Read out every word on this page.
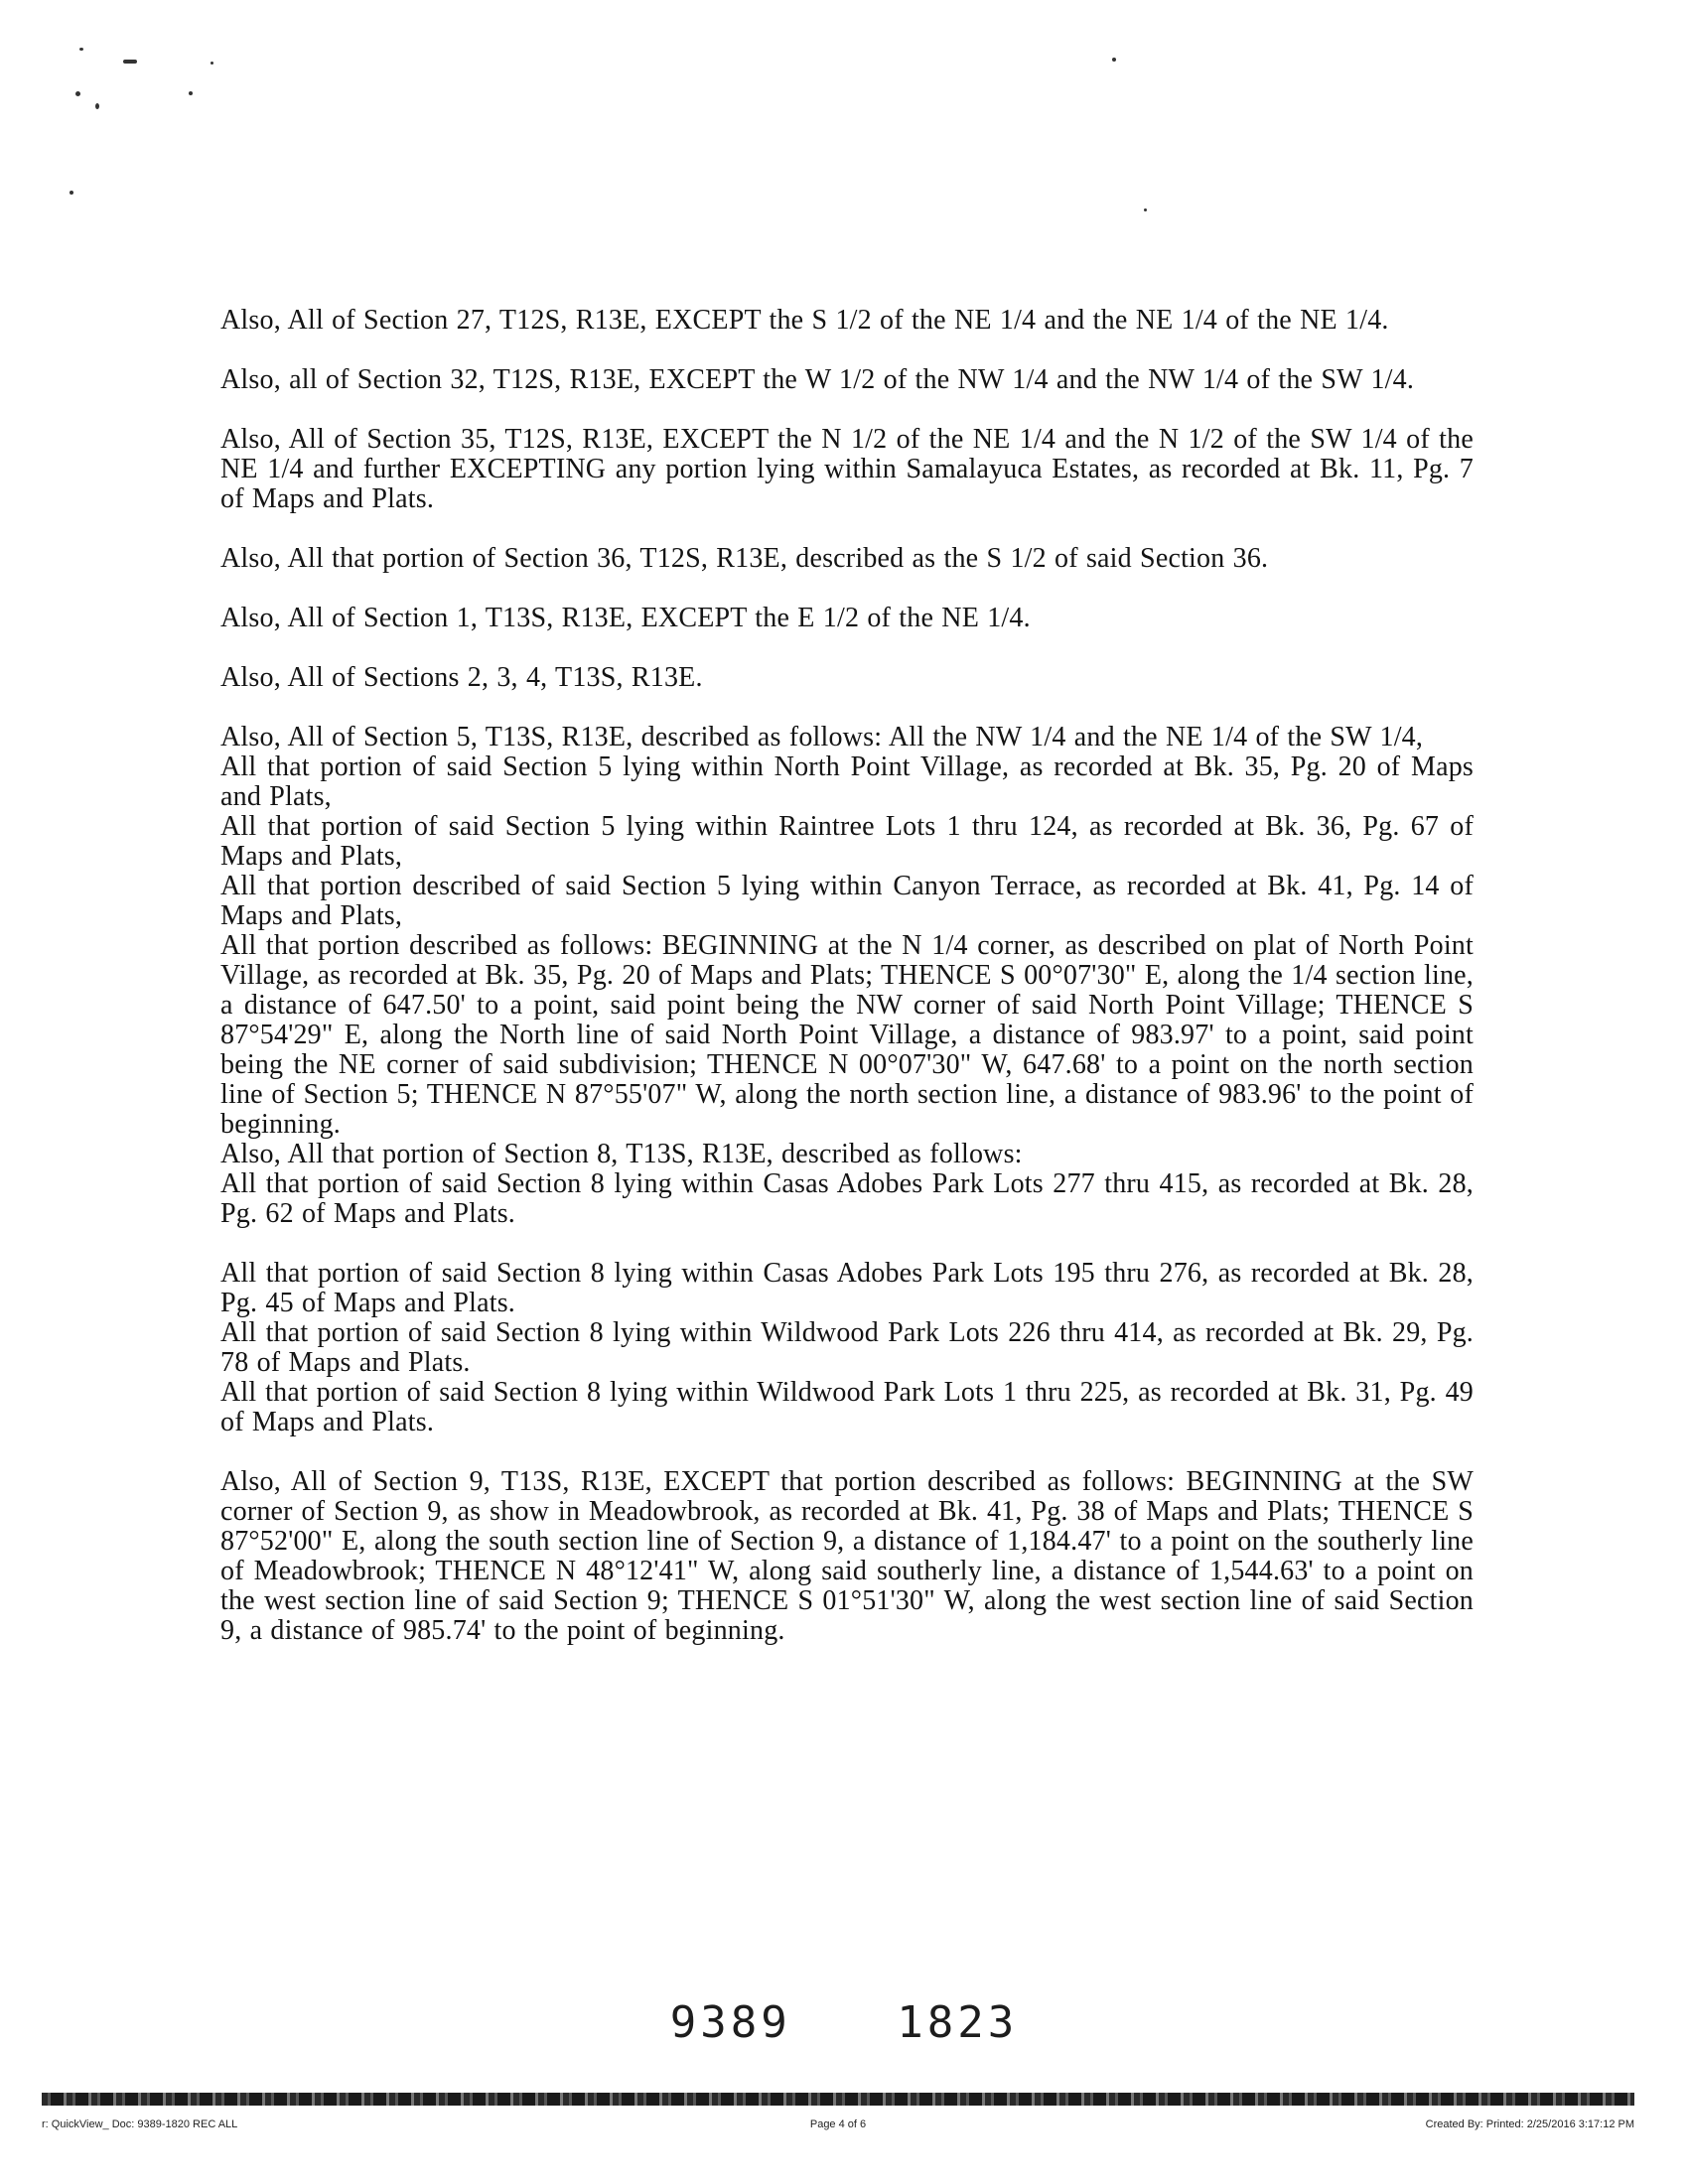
Also, All of Section 27, T12S, R13E, EXCEPT the S 1/2 of the NE 1/4 and the NE 1/4 of the NE 1/4.

Also, all of Section 32, T12S, R13E, EXCEPT the W 1/2 of the NW 1/4 and the NW 1/4 of the SW 1/4.

Also, All of Section 35, T12S, R13E, EXCEPT the N 1/2 of the NE 1/4 and the N 1/2 of the SW 1/4 of the NE 1/4 and further EXCEPTING any portion lying within Samalayuca Estates, as recorded at Bk. 11, Pg. 7 of Maps and Plats.

Also, All that portion of Section 36, T12S, R13E, described as the S 1/2 of said Section 36.

Also, All of Section 1, T13S, R13E, EXCEPT the E 1/2 of the NE 1/4.

Also, All of Sections 2, 3, 4, T13S, R13E.

Also, All of Section 5, T13S, R13E, described as follows: All the NW 1/4 and the NE 1/4 of the SW 1/4,
All that portion of said Section 5 lying within North Point Village, as recorded at Bk. 35, Pg. 20 of Maps and Plats,
All that portion of said Section 5 lying within Raintree Lots 1 thru 124, as recorded at Bk. 36, Pg. 67 of Maps and Plats,
All that portion described of said Section 5 lying within Canyon Terrace, as recorded at Bk. 41, Pg. 14 of Maps and Plats,
All that portion described as follows: BEGINNING at the N 1/4 corner, as described on plat of North Point Village, as recorded at Bk. 35, Pg. 20 of Maps and Plats; THENCE S 00°07'30" E, along the 1/4 section line, a distance of 647.50' to a point, said point being the NW corner of said North Point Village; THENCE S 87°54'29" E, along the North line of said North Point Village, a distance of 983.97' to a point, said point being the NE corner of said subdivision; THENCE N 00°07'30" W, 647.68' to a point on the north section line of Section 5; THENCE N 87°55'07" W, along the north section line, a distance of 983.96' to the point of beginning.
Also, All that portion of Section 8, T13S, R13E, described as follows:
All that portion of said Section 8 lying within Casas Adobes Park Lots 277 thru 415, as recorded at Bk. 28, Pg. 62 of Maps and Plats.

All that portion of said Section 8 lying within Casas Adobes Park Lots 195 thru 276, as recorded at Bk. 28, Pg. 45 of Maps and Plats.
All that portion of said Section 8 lying within Wildwood Park Lots 226 thru 414, as recorded at Bk. 29, Pg. 78 of Maps and Plats.
All that portion of said Section 8 lying within Wildwood Park Lots 1 thru 225, as recorded at Bk. 31, Pg. 49 of Maps and Plats.

Also, All of Section 9, T13S, R13E, EXCEPT that portion described as follows: BEGINNING at the SW corner of Section 9, as show in Meadowbrook, as recorded at Bk. 41, Pg. 38 of Maps and Plats; THENCE S 87°52'00" E, along the south section line of Section 9, a distance of 1,184.47' to a point on the southerly line of Meadowbrook; THENCE N 48°12'41" W, along said southerly line, a distance of 1,544.63' to a point on the west section line of said Section 9; THENCE S 01°51'30" W, along the west section line of said Section 9, a distance of 985.74' to the point of beginning.

9389 1823
r: QuickView_ Doc: 9389-1820 REC ALL	Page 4 of 6	Created By: Printed: 2/25/2016 3:17:12 PM
